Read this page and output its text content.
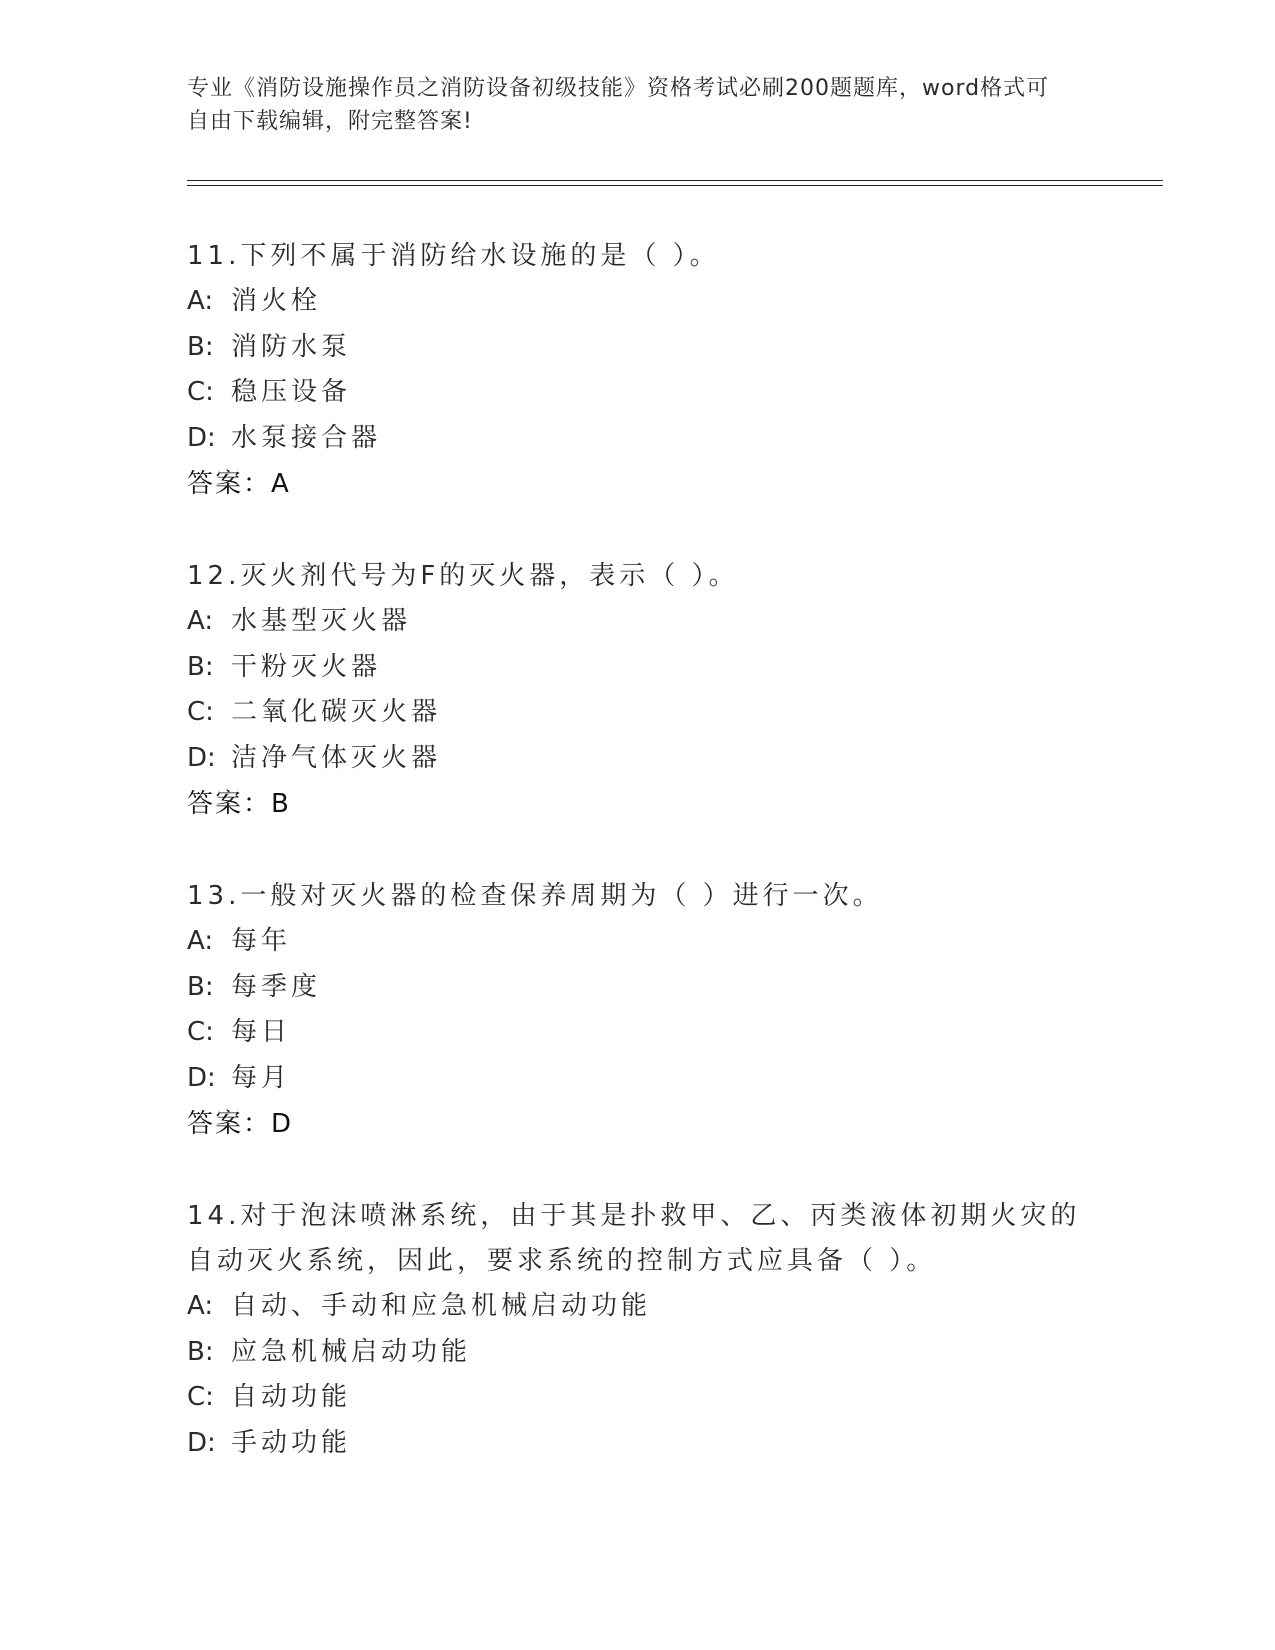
专业《消防设施操作员之消防设备初级技能》资格考试必刷200题题库，word格式可自由下载编辑，附完整答案!

11.下列不属于消防给水设施的是（ ）。

A: 消火栓

B: 消防水泵

C: 稳压设备

D: 水泵接合器

答案：A

12.灭火剂代号为F的灭火器，表示（ ）。

A: 水基型灭火器

B: 干粉灭火器

C: 二氧化碳灭火器

D: 洁净气体灭火器

答案：B

13.一般对灭火器的检查保养周期为（ ）进行一次。

A: 每年

B: 每季度

C: 每日

D: 每月

答案：D

14.对于泡沫喷淋系统，由于其是扑救甲、乙、丙类液体初期火灾的自动灭火系统，因此，要求系统的控制方式应具备（ ）。

A: 自动、手动和应急机械启动功能

B: 应急机械启动功能

C: 自动功能

D: 手动功能
